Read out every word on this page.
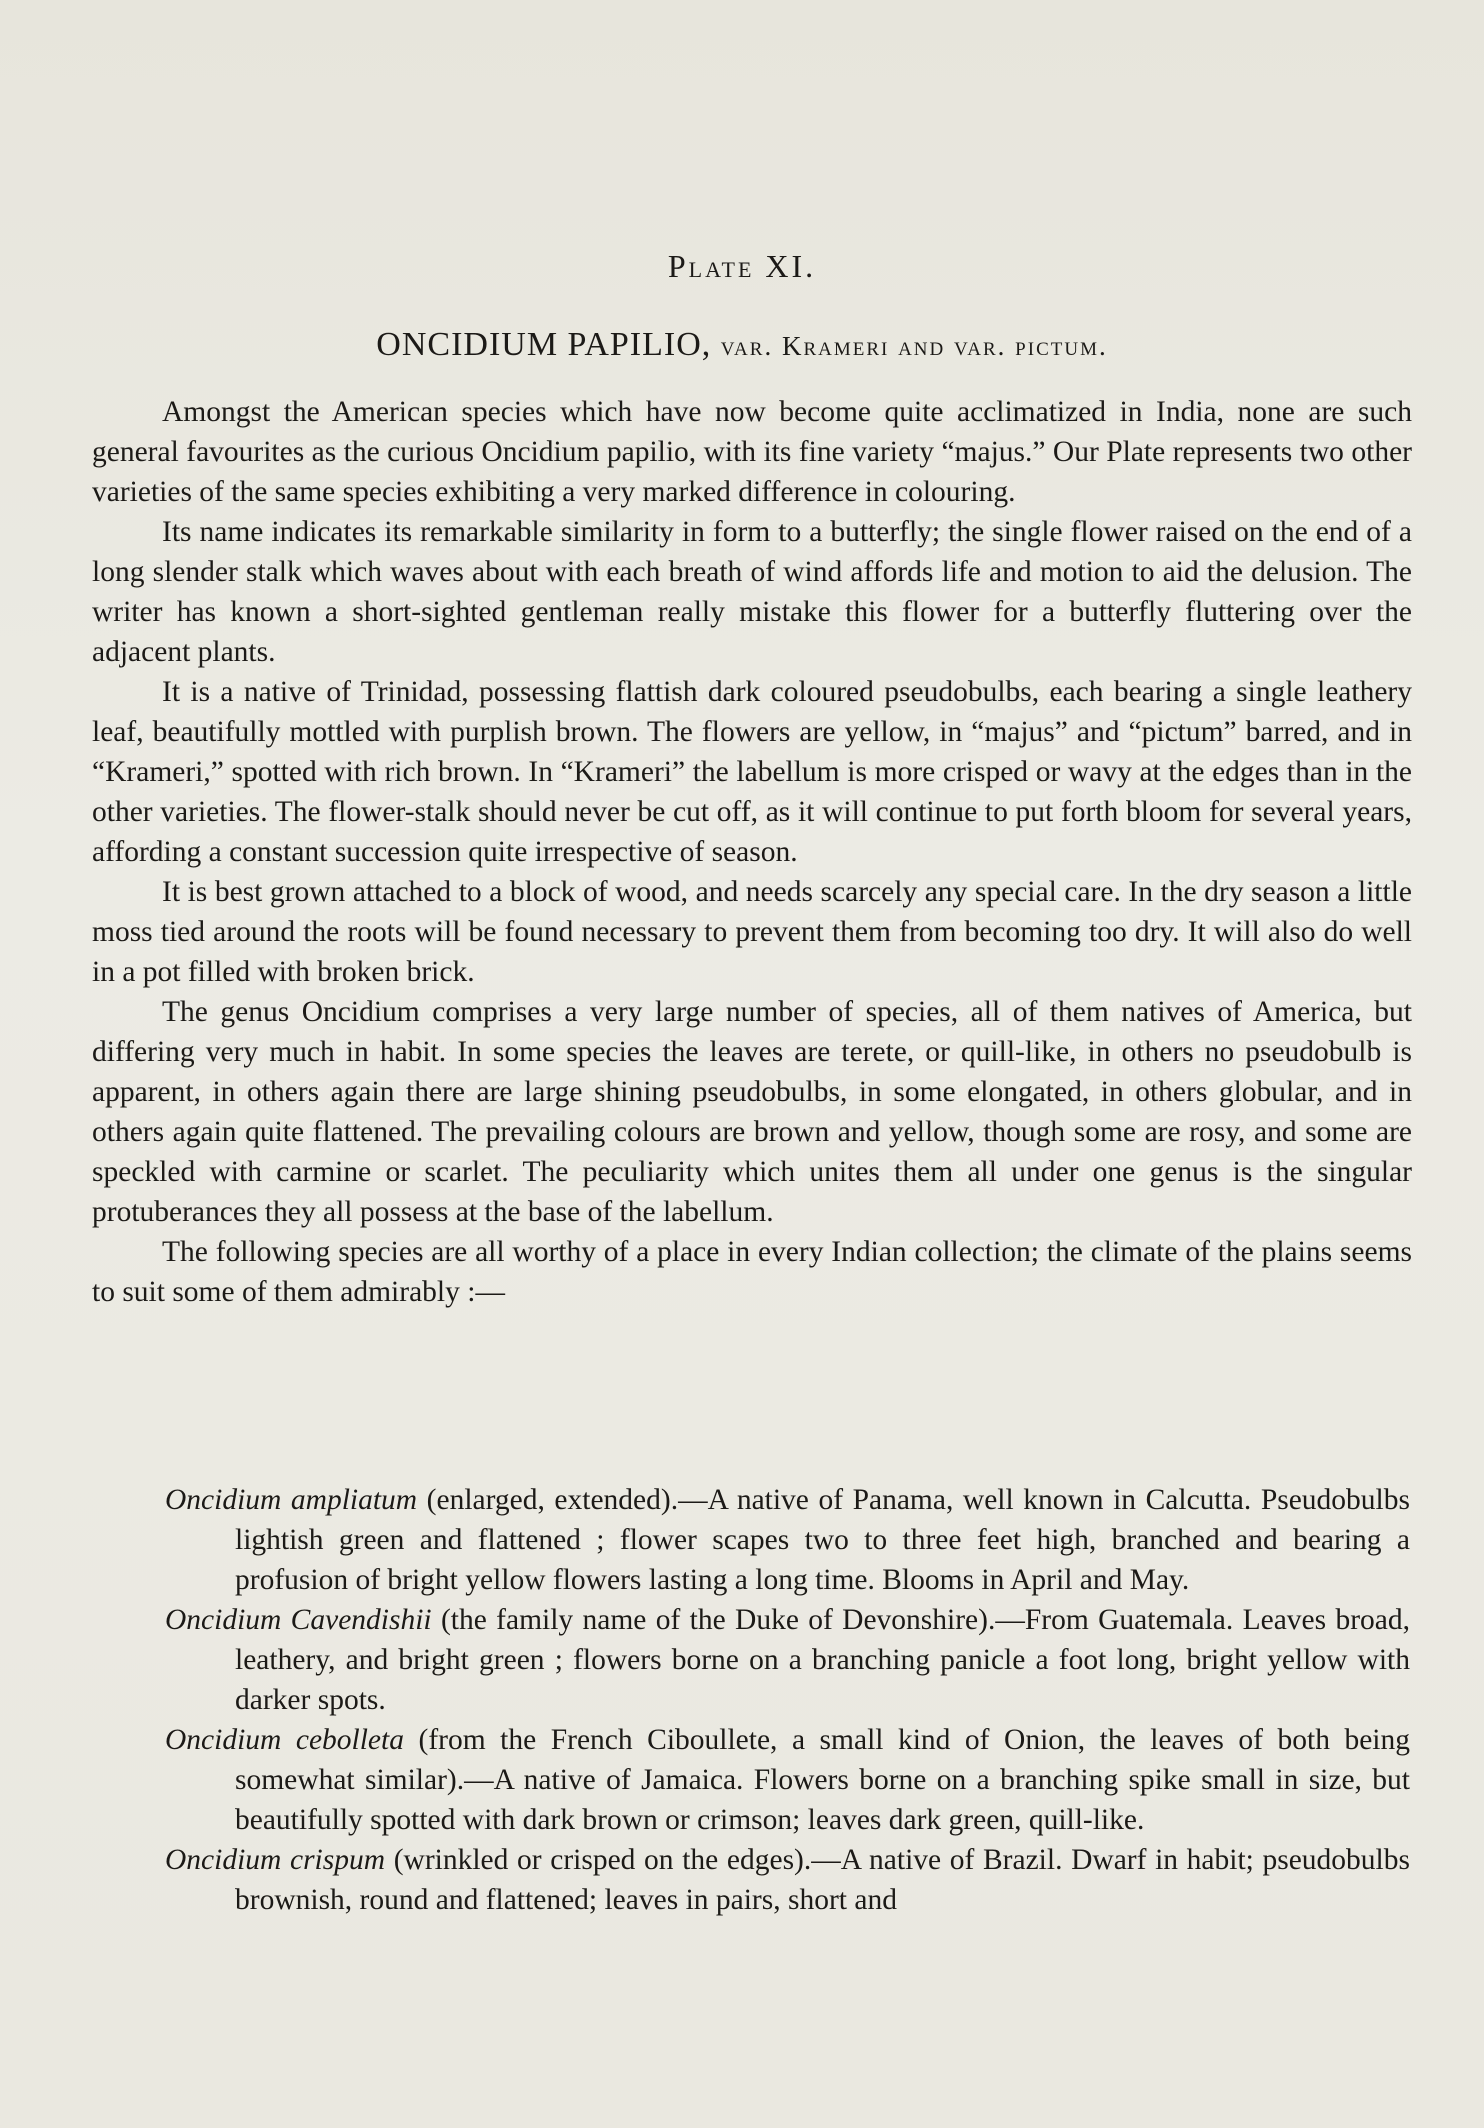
Plate XI.
ONCIDIUM PAPILIO, var. Krameri and var. pictum.

Amongst the American species which have now become quite acclimatized in India, none are such general favourites as the curious Oncidium papilio, with its fine variety “majus.” Our Plate represents two other varieties of the same species exhibiting a very marked difference in colouring.

Its name indicates its remarkable similarity in form to a butterfly; the single flower raised on the end of a long slender stalk which waves about with each breath of wind affords life and motion to aid the delusion. The writer has known a short-sighted gentleman really mistake this flower for a butterfly fluttering over the adjacent plants.

It is a native of Trinidad, possessing flattish dark coloured pseudobulbs, each bearing a single leathery leaf, beautifully mottled with purplish brown. The flowers are yellow, in “majus” and “pictum” barred, and in “Krameri,” spotted with rich brown. In “Krameri” the labellum is more crisped or wavy at the edges than in the other varieties. The flower-stalk should never be cut off, as it will continue to put forth bloom for several years, affording a constant succession quite irrespective of season.

It is best grown attached to a block of wood, and needs scarcely any special care. In the dry season a little moss tied around the roots will be found necessary to prevent them from becoming too dry. It will also do well in a pot filled with broken brick.

The genus Oncidium comprises a very large number of species, all of them natives of America, but differing very much in habit. In some species the leaves are terete, or quill-like, in others no pseudobulb is apparent, in others again there are large shining pseudobulbs, in some elongated, in others globular, and in others again quite flattened. The prevailing colours are brown and yellow, though some are rosy, and some are speckled with carmine or scarlet. The peculiarity which unites them all under one genus is the singular protuberances they all possess at the base of the labellum.

The following species are all worthy of a place in every Indian collection; the climate of the plains seems to suit some of them admirably :—

Oncidium ampliatum (enlarged, extended).—A native of Panama, well known in Calcutta. Pseudobulbs lightish green and flattened ; flower scapes two to three feet high, branched and bearing a profusion of bright yellow flowers lasting a long time. Blooms in April and May.

Oncidium Cavendishii (the family name of the Duke of Devonshire).—From Guatemala. Leaves broad, leathery, and bright green ; flowers borne on a branching panicle a foot long, bright yellow with darker spots.

Oncidium cebolleta (from the French Ciboullete, a small kind of Onion, the leaves of both being somewhat similar).—A native of Jamaica. Flowers borne on a branching spike small in size, but beautifully spotted with dark brown or crimson; leaves dark green, quill-like.

Oncidium crispum (wrinkled or crisped on the edges).—A native of Brazil. Dwarf in habit; pseudobulbs brownish, round and flattened; leaves in pairs, short and
